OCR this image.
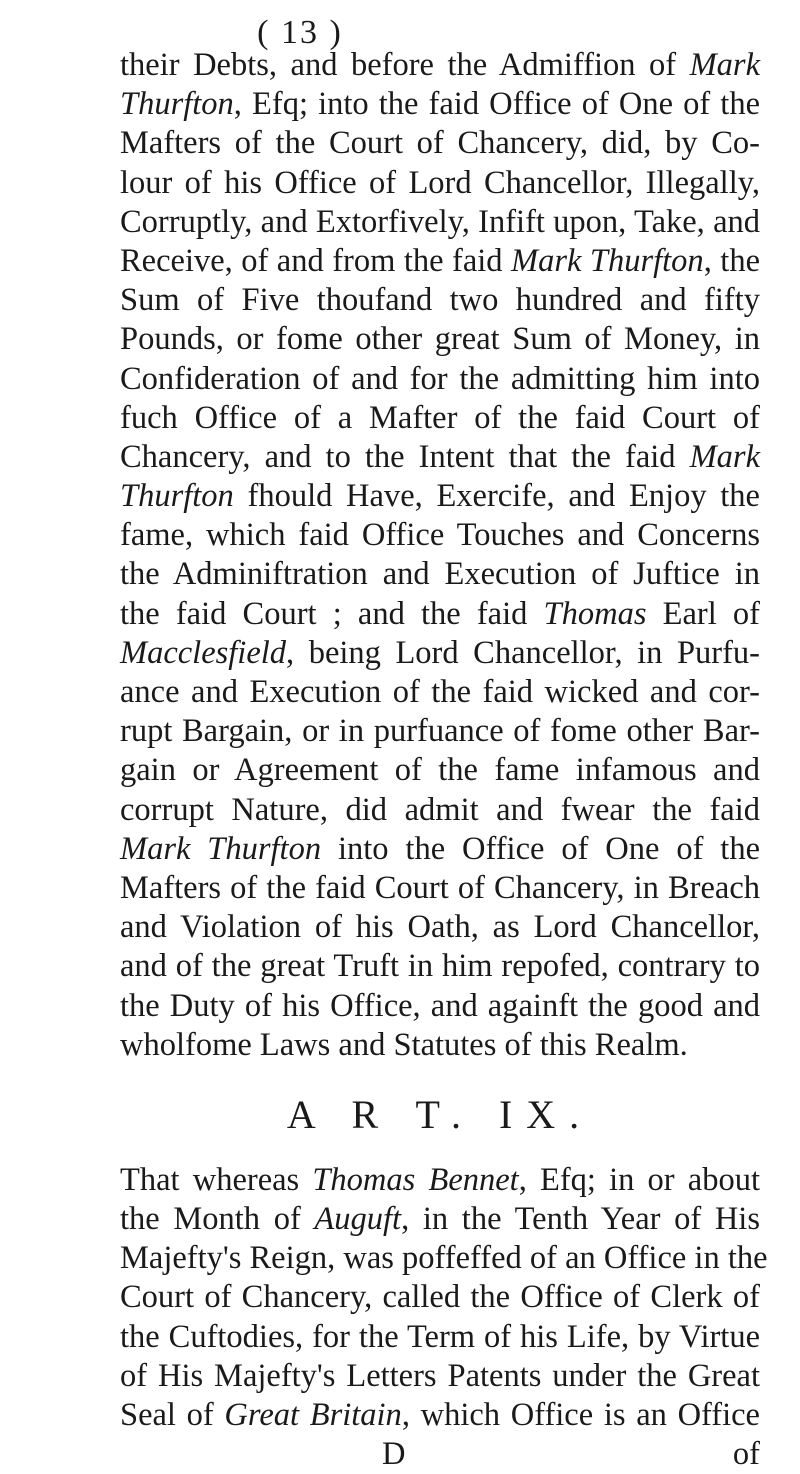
( 13 )
their Debts, and before the Admiffion of Mark
Thurfton, Efq; into the faid Office of One of the
Mafters of the Court of Chancery, did, by Co-
lour of his Office of Lord Chancellor, Illegally,
Corruptly, and Extorfively, Infift upon, Take, and
Receive, of and from the faid Mark Thurfton, the
Sum of Five thoufand two hundred and fifty
Pounds, or fome other great Sum of Money, in
Confideration of and for the admitting him into
fuch Office of a Mafter of the faid Court of
Chancery, and to the Intent that the faid Mark
Thurfton fhould Have, Exercife, and Enjoy the
fame, which faid Office Touches and Concerns
the Adminiftration and Execution of Juftice in
the faid Court ; and the faid Thomas Earl of
Macclesfield, being Lord Chancellor, in Purfu-
ance and Execution of the faid wicked and cor-
rupt Bargain, or in purfuance of fome other Bar-
gain or Agreement of the fame infamous and
corrupt Nature, did admit and fwear the faid
Mark Thurfton into the Office of One of the
Mafters of the faid Court of Chancery, in Breach
and Violation of his Oath, as Lord Chancellor,
and of the great Truft in him repofed, contrary to
the Duty of his Office, and againft the good and
wholfome Laws and Statutes of this Realm.
A R T. IX.
That whereas Thomas Bennet, Efq; in or about
the Month of Auguft, in the Tenth Year of His
Majefty's Reign, was poffeffed of an Office in the
Court of Chancery, called the Office of Clerk of
the Cuftodies, for the Term of his Life, by Virtue
of His Majefty's Letters Patents under the Great
Seal of Great Britain, which Office is an Office
D	of
